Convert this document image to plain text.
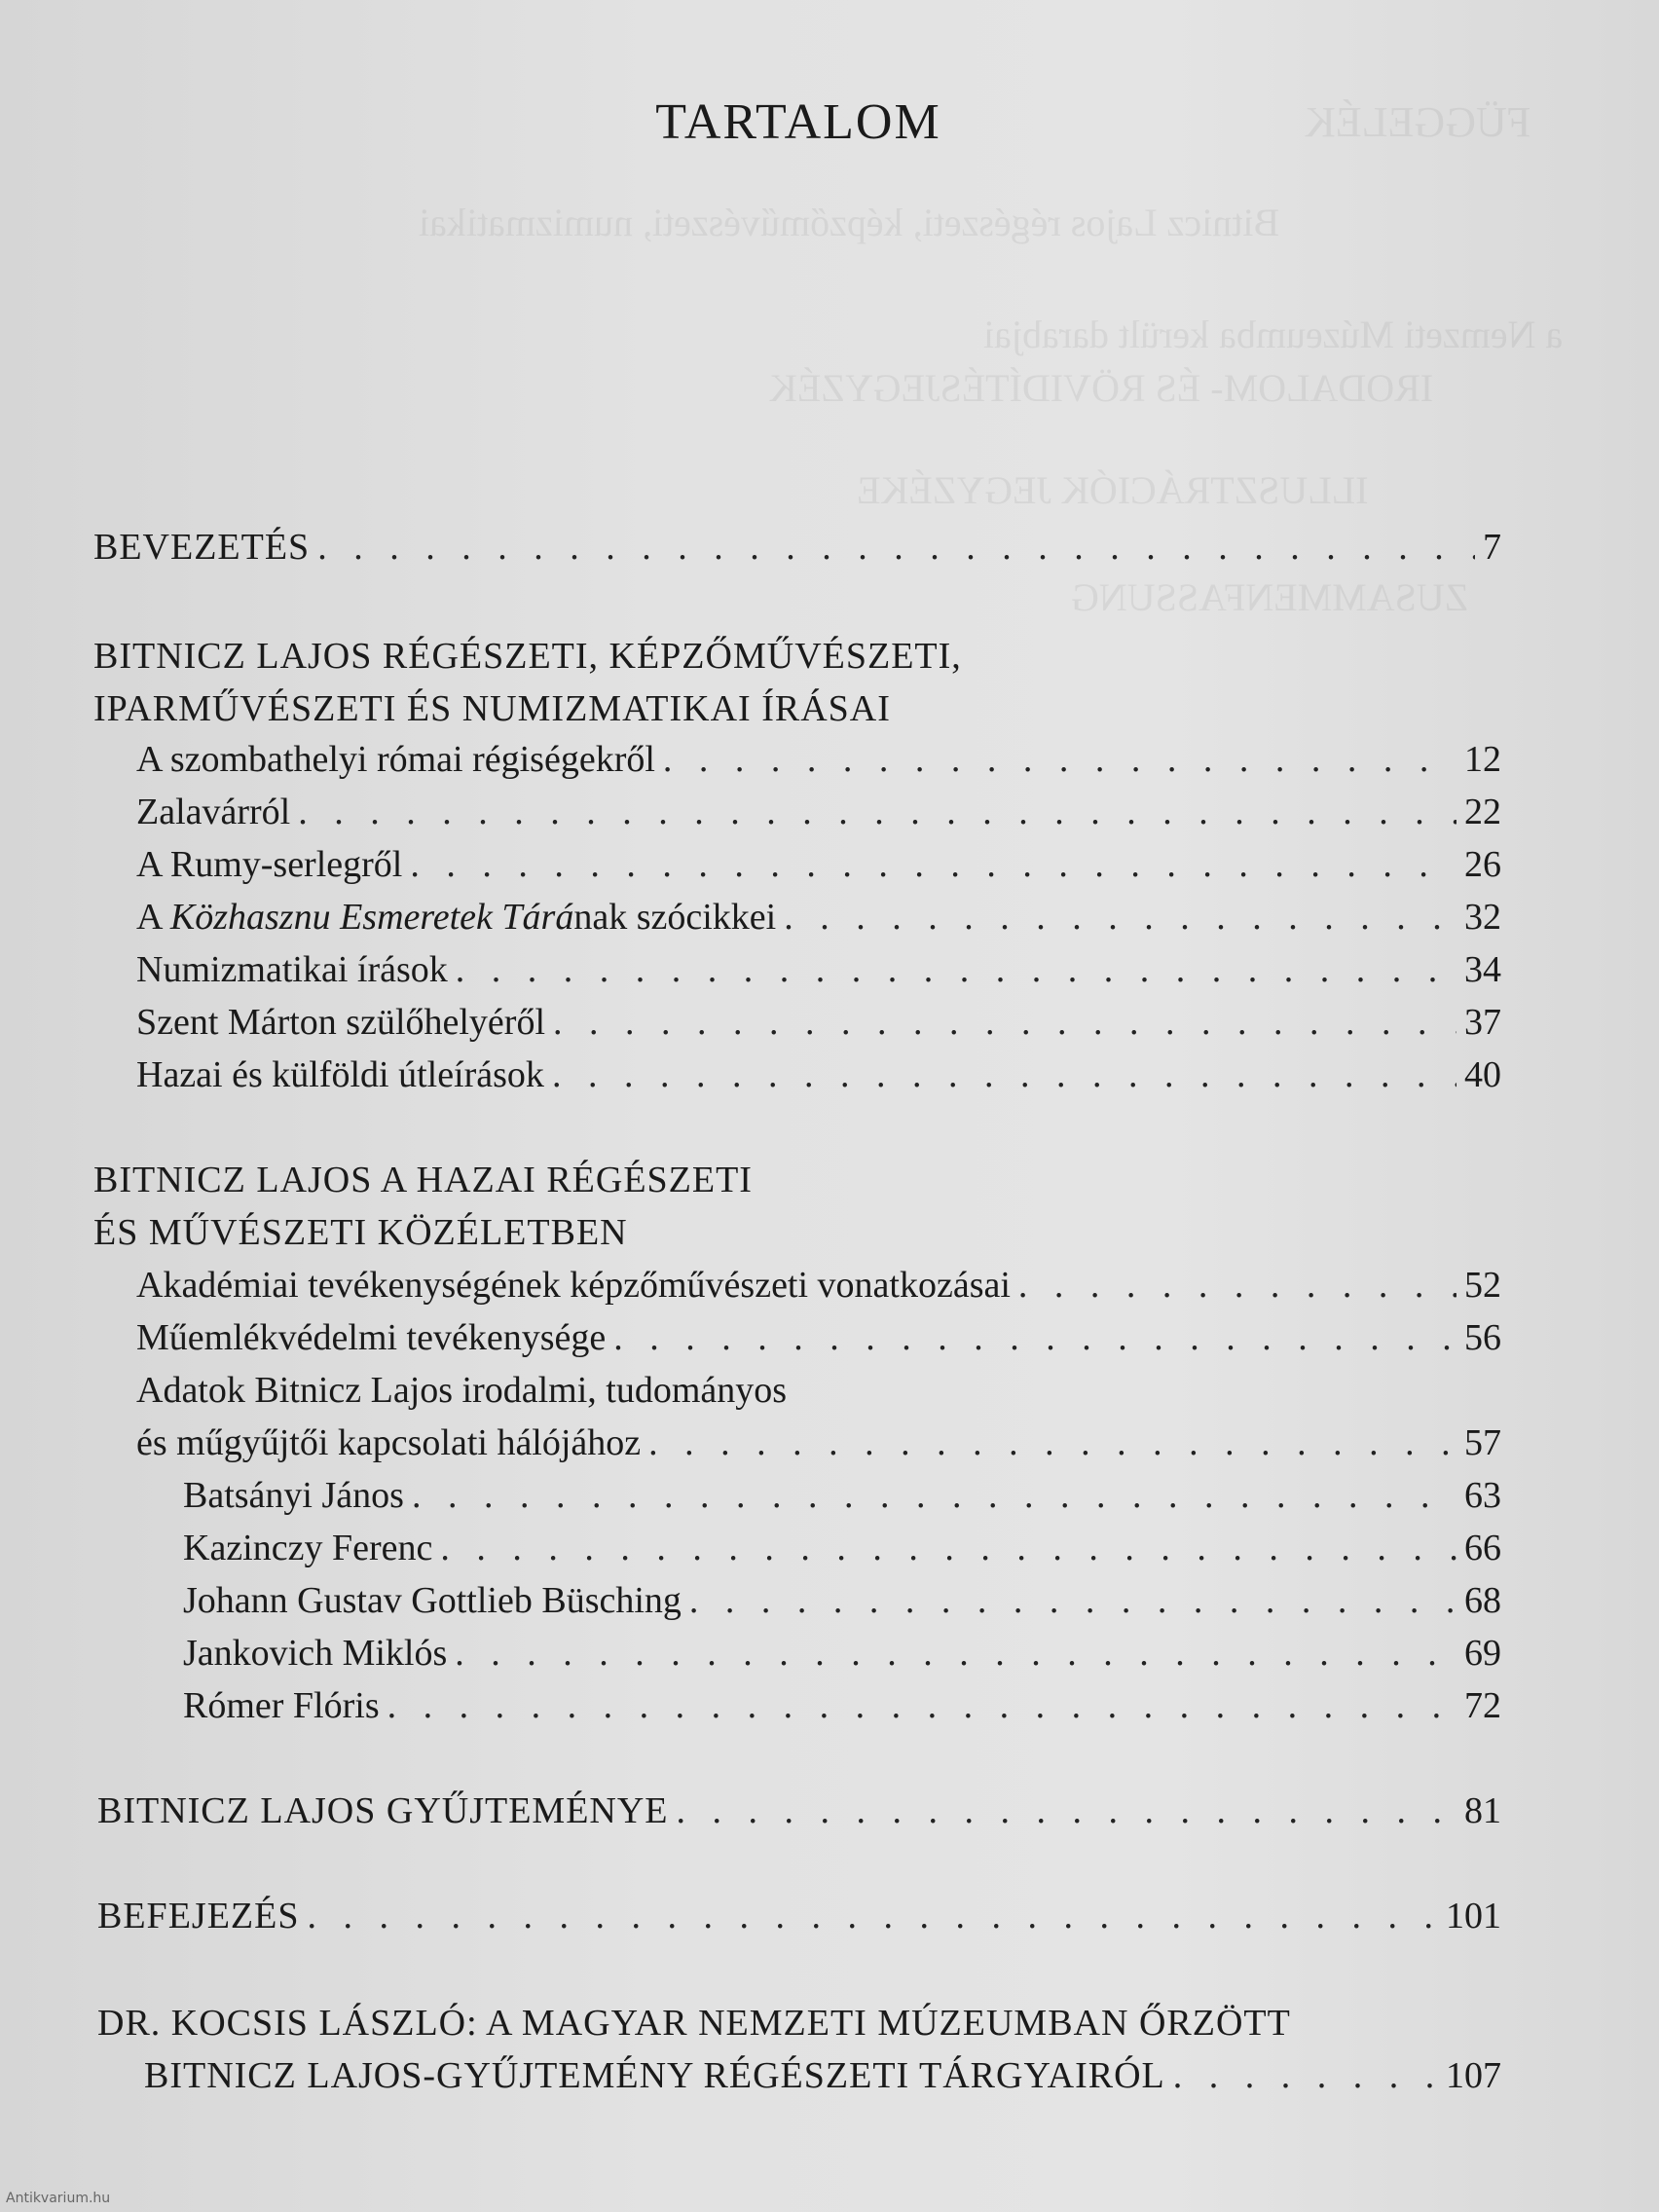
FÜGGELÉK
Bitnicz Lajos régészeti, képzőművészeti, numizmatikai
a Nemzeti Múzeumba került darabjai
IRODALOM- ÉS RÖVIDÍTÉSJEGYZÉK
ILLUSZTRÁCIÓK JEGYZÉKE
ZUSAMMENFASSUNG
TARTALOM
BEVEZETÉS . . .	7
BITNICZ LAJOS RÉGÉSZETI, KÉPZŐMŰVÉSZETI,
IPARMŰVÉSZETI ÉS NUMIZMATIKAI ÍRÁSAI
A szombathelyi római régiségekről . . .	12
Zalavárról . . .	22
A Rumy-serlegről . . .	26
A Közhasznu Esmeretek Tárának szócikkei . . .	32
Numizmatikai írások . . .	34
Szent Márton szülőhelyéről . . .	37
Hazai és külföldi útleírások . . .	40
BITNICZ LAJOS A HAZAI RÉGÉSZETI
ÉS MŰVÉSZETI KÖZÉLETBEN
Akadémiai tevékenységének képzőművészeti vonatkozásai . . .	52
Műemlékvédelmi tevékenysége . . .	56
Adatok Bitnicz Lajos irodalmi, tudományos
és műgyűjtői kapcsolati hálójához . . .	57
Batsányi János . . .	63
Kazinczy Ferenc . . .	66
Johann Gustav Gottlieb Büsching . . .	68
Jankovich Miklós . . .	69
Rómer Flóris . . .	72
BITNICZ LAJOS GYŰJTEMÉNYE . . .	81
BEFEJEZÉS . . .	101
DR. KOCSIS LÁSZLÓ: A MAGYAR NEMZETI MÚZEUMBAN ŐRZÖTT
BITNICZ LAJOS-GYŰJTEMÉNY RÉGÉSZETI TÁRGYAIRÓL . . .	107
Antikvarium.hu
